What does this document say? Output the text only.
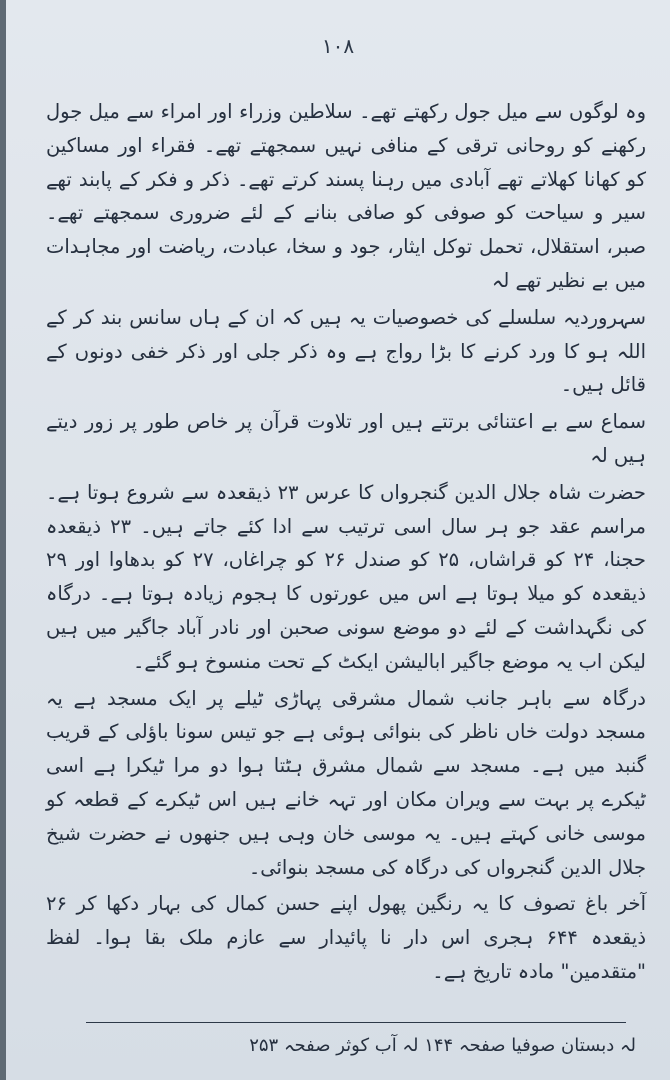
۱۰۸

وہ لوگوں سے میل جول رکھتے تھے۔ سلاطین وزراء اور امراء سے میل جول رکھنے کو روحانی ترقی کے منافی نہیں سمجھتے تھے۔ فقراء اور مساکین کو کھانا کھلاتے تھے آبادی میں رہنا پسند کرتے تھے۔ ذکر و فکر کے پابند تھے سیر و سیاحت کو صوفی کو صافی بنانے کے لئے ضروری سمجھتے تھے۔ صبر، استقلال، تحمل توکل ایثار، جود و سخا، عبادت، ریاضت اور مجاہدات میں بے نظیر تھے لہ

سہروردیہ سلسلے کی خصوصیات یہ ہیں کہ ان کے ہاں سانس بند کر کے اللہ ہو کا ورد کرنے کا بڑا رواج ہے وہ ذکر جلی اور ذکر خفی دونوں کے قائل ہیں۔

سماع سے بے اعتنائی برتتے ہیں اور تلاوت قرآن پر خاص طور پر زور دیتے ہیں لہ

حضرت شاہ جلال الدین گنجرواں کا عرس ۲۳ ذیقعدہ سے شروع ہوتا ہے۔ مراسم عقد جو ہر سال اسی ترتیب سے ادا کئے جاتے ہیں۔ ۲۳ ذیقعدہ حجنا، ۲۴ کو قراشاں، ۲۵ کو صندل ۲۶ کو چراغاں، ۲۷ کو بدھاوا اور ۲۹ ذیقعدہ کو میلا ہوتا ہے اس میں عورتوں کا ہجوم زیادہ ہوتا ہے۔ درگاہ کی نگہداشت کے لئے دو موضع سونی صحبن اور نادر آباد جاگیر میں ہیں لیکن اب یہ موضع جاگیر ابالیشن ایکٹ کے تحت منسوخ ہو گئے۔

درگاہ سے باہر جانب شمال مشرقی پہاڑی ٹیلے پر ایک مسجد ہے یہ مسجد دولت خاں ناظر کی بنوائی ہوئی ہے جو تیس سونا باؤلی کے قریب گنبد میں ہے۔ مسجد سے شمال مشرق ہٹتا ہوا دو مرا ٹیکرا ہے اسی ٹیکرے پر بہت سے ویران مکان اور تہہ خانے ہیں اس ٹیکرے کے قطعہ کو موسی خانی کہتے ہیں۔ یہ موسی خان وہی ہیں جنھوں نے حضرت شیخ جلال الدین گنجرواں کی درگاہ کی مسجد بنوائی۔

آخر باغ تصوف کا یہ رنگین پھول اپنے حسن کمال کی بہار دکھا کر ۲۶ ذیقعدہ ۶۴۴ ہجری اس دار نا پائیدار سے عازم ملک بقا ہوا۔ لفظ "متقدمین" مادہ تاریخ ہے۔

لہ دبستان صوفیا صفحہ ۱۴۴ لہ آب کوثر صفحہ ۲۵۳
